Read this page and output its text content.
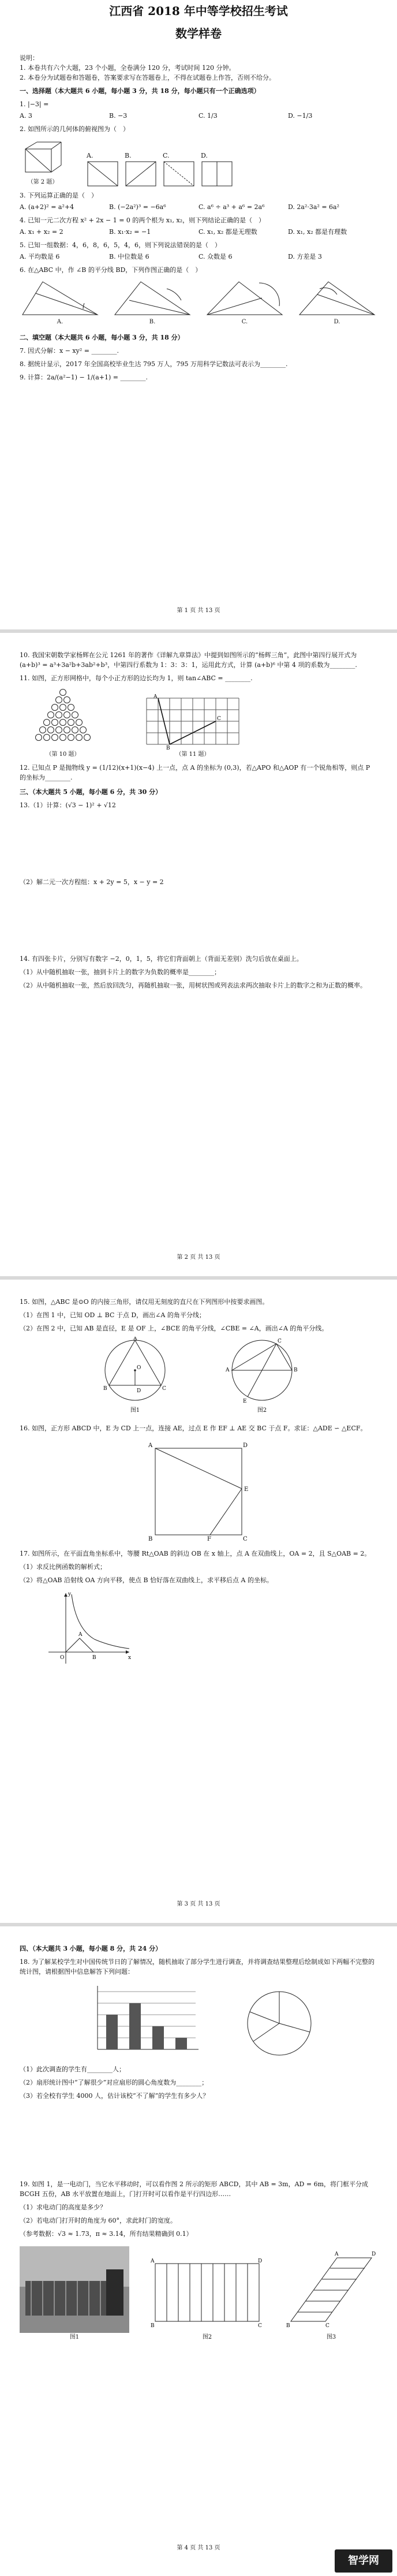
江西省 2018 年中等学校招生考试
数学样卷
说明：
1. 本卷共有六个大题，23 个小题，全卷满分 120 分，考试时间 120 分钟。
2. 本卷分为试题卷和答题卷，答案要求写在答题卷上，不得在试题卷上作答，否则不给分。
一、选择题（本大题共 6 小题，每小题 3 分，共 18 分，每小题只有一个正确选项）
1. |−3| =
A. 3	B. −3	C. 1/3	D. −1/3
2. 如图所示的几何体的俯视图为（　）
（第 2 题）
A.	B.	C.	D.
3. 下列运算正确的是（　）
A. (a+2)² = a²+4	B. (−2a²)³ = −6a⁶	C. a⁶ ÷ a³ + a⁶ = 2a⁶	D. 2a²·3a² = 6a²
4. 已知一元二次方程 x² + 2x − 1 = 0 的两个根为 x₁, x₂，则下列结论正确的是（　）
A. x₁ + x₂ = 2	B. x₁·x₂ = −1	C. x₁, x₂ 都是无理数	D. x₁, x₂ 都是有理数
5. 已知一组数据：4，6，8，6，5，4，6，则下列说法错误的是（　）
A. 平均数是 6	B. 中位数是 6	C. 众数是 6	D. 方差是 3
6. 在△ABC 中，作 ∠B 的平分线 BD，下列作图正确的是（　）
A.	B.	C.	D.
二、填空题（本大题共 6 小题，每小题 3 分，共 18 分）
7. 因式分解：x − xy² = ________.
8. 据统计显示，2017 年全国高校毕业生达 795 万人，795 万用科学记数法可表示为________.
9. 计算：2a/(a²−1) − 1/(a+1) = ________.
第 1 页 共 13 页
10. 我国宋朝数学家杨辉在公元 1261 年的著作《详解九章算法》中提到如图所示的“杨辉三角”，此图中第四行展开式为 (a+b)³ = a³+3a²b+3ab²+b³，中第四行系数为 1：3：3：1，运用此方式，计算 (a+b)⁶ 中第 4 项的系数为________.
11. 如图，正方形网格中，每个小正方形的边长均为 1，则 tan∠ABC = ________.
（第 10 题）
A
B
C
（第 11 题）
12. 已知点 P 是抛物线 y = (1/12)(x+1)(x−4) 上一点，点 A 的坐标为 (0,3)，若△APO 和△AOP 有一个锐角相等，则点 P 的坐标为________.
三、（本大题共 5 小题，每小题 6 分，共 30 分）
13.（1）计算：(√3 − 1)² + √12
（2）解二元一次方程组：x + 2y = 5，x − y = 2
14. 有四张卡片，分别写有数字 −2，0，1，5，将它们背面朝上（背面无差别）洗匀后放在桌面上。
（1）从中随机抽取一张，抽到卡片上的数字为负数的概率是________；
（2）从中随机抽取一张，然后放回洗匀，再随机抽取一张，用树状图或列表法求两次抽取卡片上的数字之和为正数的概率。
第 2 页 共 13 页
15. 如图，△ABC 是⊙O 的内接三角形，请仅用无刻度的直尺在下列图形中按要求画图。
（1）在图 1 中，已知 OD ⊥ BC 于点 D，画出∠A 的角平分线；
（2）在图 2 中，已知 AB 是直径，E 是 OF 上，∠BCE 的角平分线，∠CBE = ∠A，画出∠A 的角平分线。
A
B	C
D
O
图1
A	B
C
E
图2
16. 如图，正方形 ABCD 中，E 为 CD 上一点，连接 AE，过点 E 作 EF ⊥ AE 交 BC 于点 F。求证：△ADE ∽ △ECF。
A	D
B	C
E
F
17. 如图所示，在平面直角坐标系中，等腰 Rt△OAB 的斜边 OB 在 x 轴上，点 A 在双曲线上，OA = 2，且 S△OAB = 2。
（1）求反比例函数的解析式；
（2）将△OAB 沿射线 OA 方向平移，使点 B 恰好落在双曲线上，求平移后点 A 的坐标。
O
A
B	x
y
第 3 页 共 13 页
四、（本大题共 3 小题，每小题 8 分，共 24 分）
18. 为了解某校学生对中国传统节日的了解情况，随机抽取了部分学生进行调查，并将调查结果整理后绘制成如下两幅不完整的统计图，请根据图中信息解答下列问题：
（1）此次调查的学生有________人；
（2）扇形统计图中“了解很少”对应扇形的圆心角度数为________；
（3）若全校有学生 4000 人，估计该校“不了解”的学生有多少人？
19. 如图 1，是一电动门，当它水平移动时，可以看作图 2 所示的矩形 ABCD，其中 AB = 3m，AD = 6m，将门框平分成 BCGH 五份，AB 水平放置在地面上，门打开时可以看作是平行四边形……
（1）求电动门的高度是多少？
（2）若电动门打开时的角度为 60°，求此时门的宽度。
（参考数据：√3 ≈ 1.73，π ≈ 3.14，所有结果精确到 0.1）
图1
A	D
B	C
图2
B	C
A	D
图3
第 4 页 共 13 页
智学网
